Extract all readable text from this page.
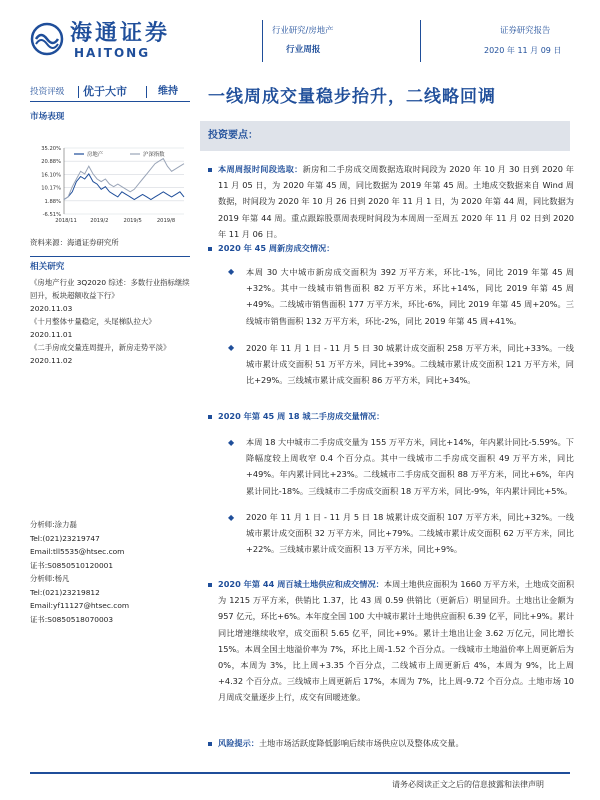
海通证券
HAITONG
行业研究/房地产
行业周报
证券研究报告
2020 年 11 月 09 日
投资评级 优于大市	维持 一线周成交量稳步抬升，二线略回调
市场表现
35.20%
20.88%
16.10%
10.17%
1.88%
-6.51%
2018/11	2019/2	2019/5	2019/8
房地产	沪深指数
资料来源：海通证券研究所
相关研究
《房地产行业 3Q2020 综述：多数行业指标继续回升，板块超额收益下行》
2020.11.03
《十月整体サ量稳定，头尾梯队拉大》
2020.11.01
《二手房成交量连周提升，新房走势平淡》
2020.11.02
分析师:涂力磊
Tel:(021)23219747
Email:tll5535@htsec.com
证书:S0850510120001
分析师:杨凡
Tel:(021)23219812
Email:yf11127@htsec.com
证书:S0850518070003
投资要点：
本周周报时间段选取：新房和二手房成交周数据选取时间段为 2020 年 10 月 30 日到 2020 年 11 月 05 日，为 2020 年第 45 周，同比数据为 2019 年第 45 周。土地成交数据来自 Wind 周数据，时间段为 2020 年 10 月 26 日到 2020 年 11 月 1 日，为 2020 年第 44 周，同比数据为 2019 年第 44 周。重点跟踪股票周表现时间段为本周周一至周五 2020 年 11 月 02 日到 2020 年 11 月 06 日。
2020 年 45 周新房成交情况：
◆ 本周 30 大中城市新房成交面积为 392 万平方米，环比-1%，同比 2019 年第 45 周+32%。其中一线城市销售面积 82 万平方米，环比+14%，同比 2019 年第 45 周+49%。二线城市销售面积 177 万平方米，环比-6%，同比 2019 年第 45 周+20%。三线城市销售面积 132 万平方米，环比-2%，同比 2019 年第 45 周+41%。
◆ 2020 年 11 月 1 日 - 11 月 5 日 30 城累计成交面积 258 万平方米，同比+33%。一线城市累计成交面积 51 万平方米，同比+39%。二线城市累计成交面积 121 万平方米，同比+29%。三线城市累计成交面积 86 万平方米，同比+34%。
2020 年第 45 周 18 城二手房成交量情况：
◆ 本周 18 大中城市二手房成交量为 155 万平方米，同比+14%，年内累计同比-5.59%。下降幅度较上周收窄 0.4 个百分点。其中一线城市二手房成交面积 49 万平方米，同比+49%。年内累计同比+23%。二线城市二手房成交面积 88 万平方米，同比+6%，年内累计同比-18%。三线城市二手房成交面积 18 万平方米，同比-9%，年内累计同比+5%。
◆ 2020 年 11 月 1 日 - 11 月 5 日 18 城累计成交面积 107 万平方米，同比+32%。一线城市累计成交面积 32 万平方米，同比+79%。二线城市累计成交面积 62 万平方米，同比+22%。三线城市累计成交面积 13 万平方米，同比+9%。
2020 年第 44 周百城土地供应和成交情况：本周土地供应面积为 1660 万平方米，土地成交面积为 1215 万平方米，供销比 1.37，比 43 周 0.59 供销比（更新后）明显回升。土地出让金额为 957 亿元，环比+6%。本年度全国 100 大中城市累计土地供应面积 6.39 亿平，同比+9%。累计同比增速继续收窄，成交面积 5.65 亿平，同比+9%。累计土地出让金 3.62 万亿元，同比增长 15%。本周全国土地溢价率为 7%，环比上周-1.52 个百分点。一线城市土地溢价率上周更新后为 0%，本周为 3%，比上周+3.35 个百分点，二线城市上周更新后 4%，本周为 9%，比上周+4.32 个百分点。三线城市上周更新后 17%，本周为 7%，比上周-9.72 个百分点。土地市场 10 月周成交量逐步上行，成交有回暖迹象。
风险提示：土地市场活跃度降低影响后续市场供应以及整体成交量。
请务必阅读正文之后的信息披露和法律声明
